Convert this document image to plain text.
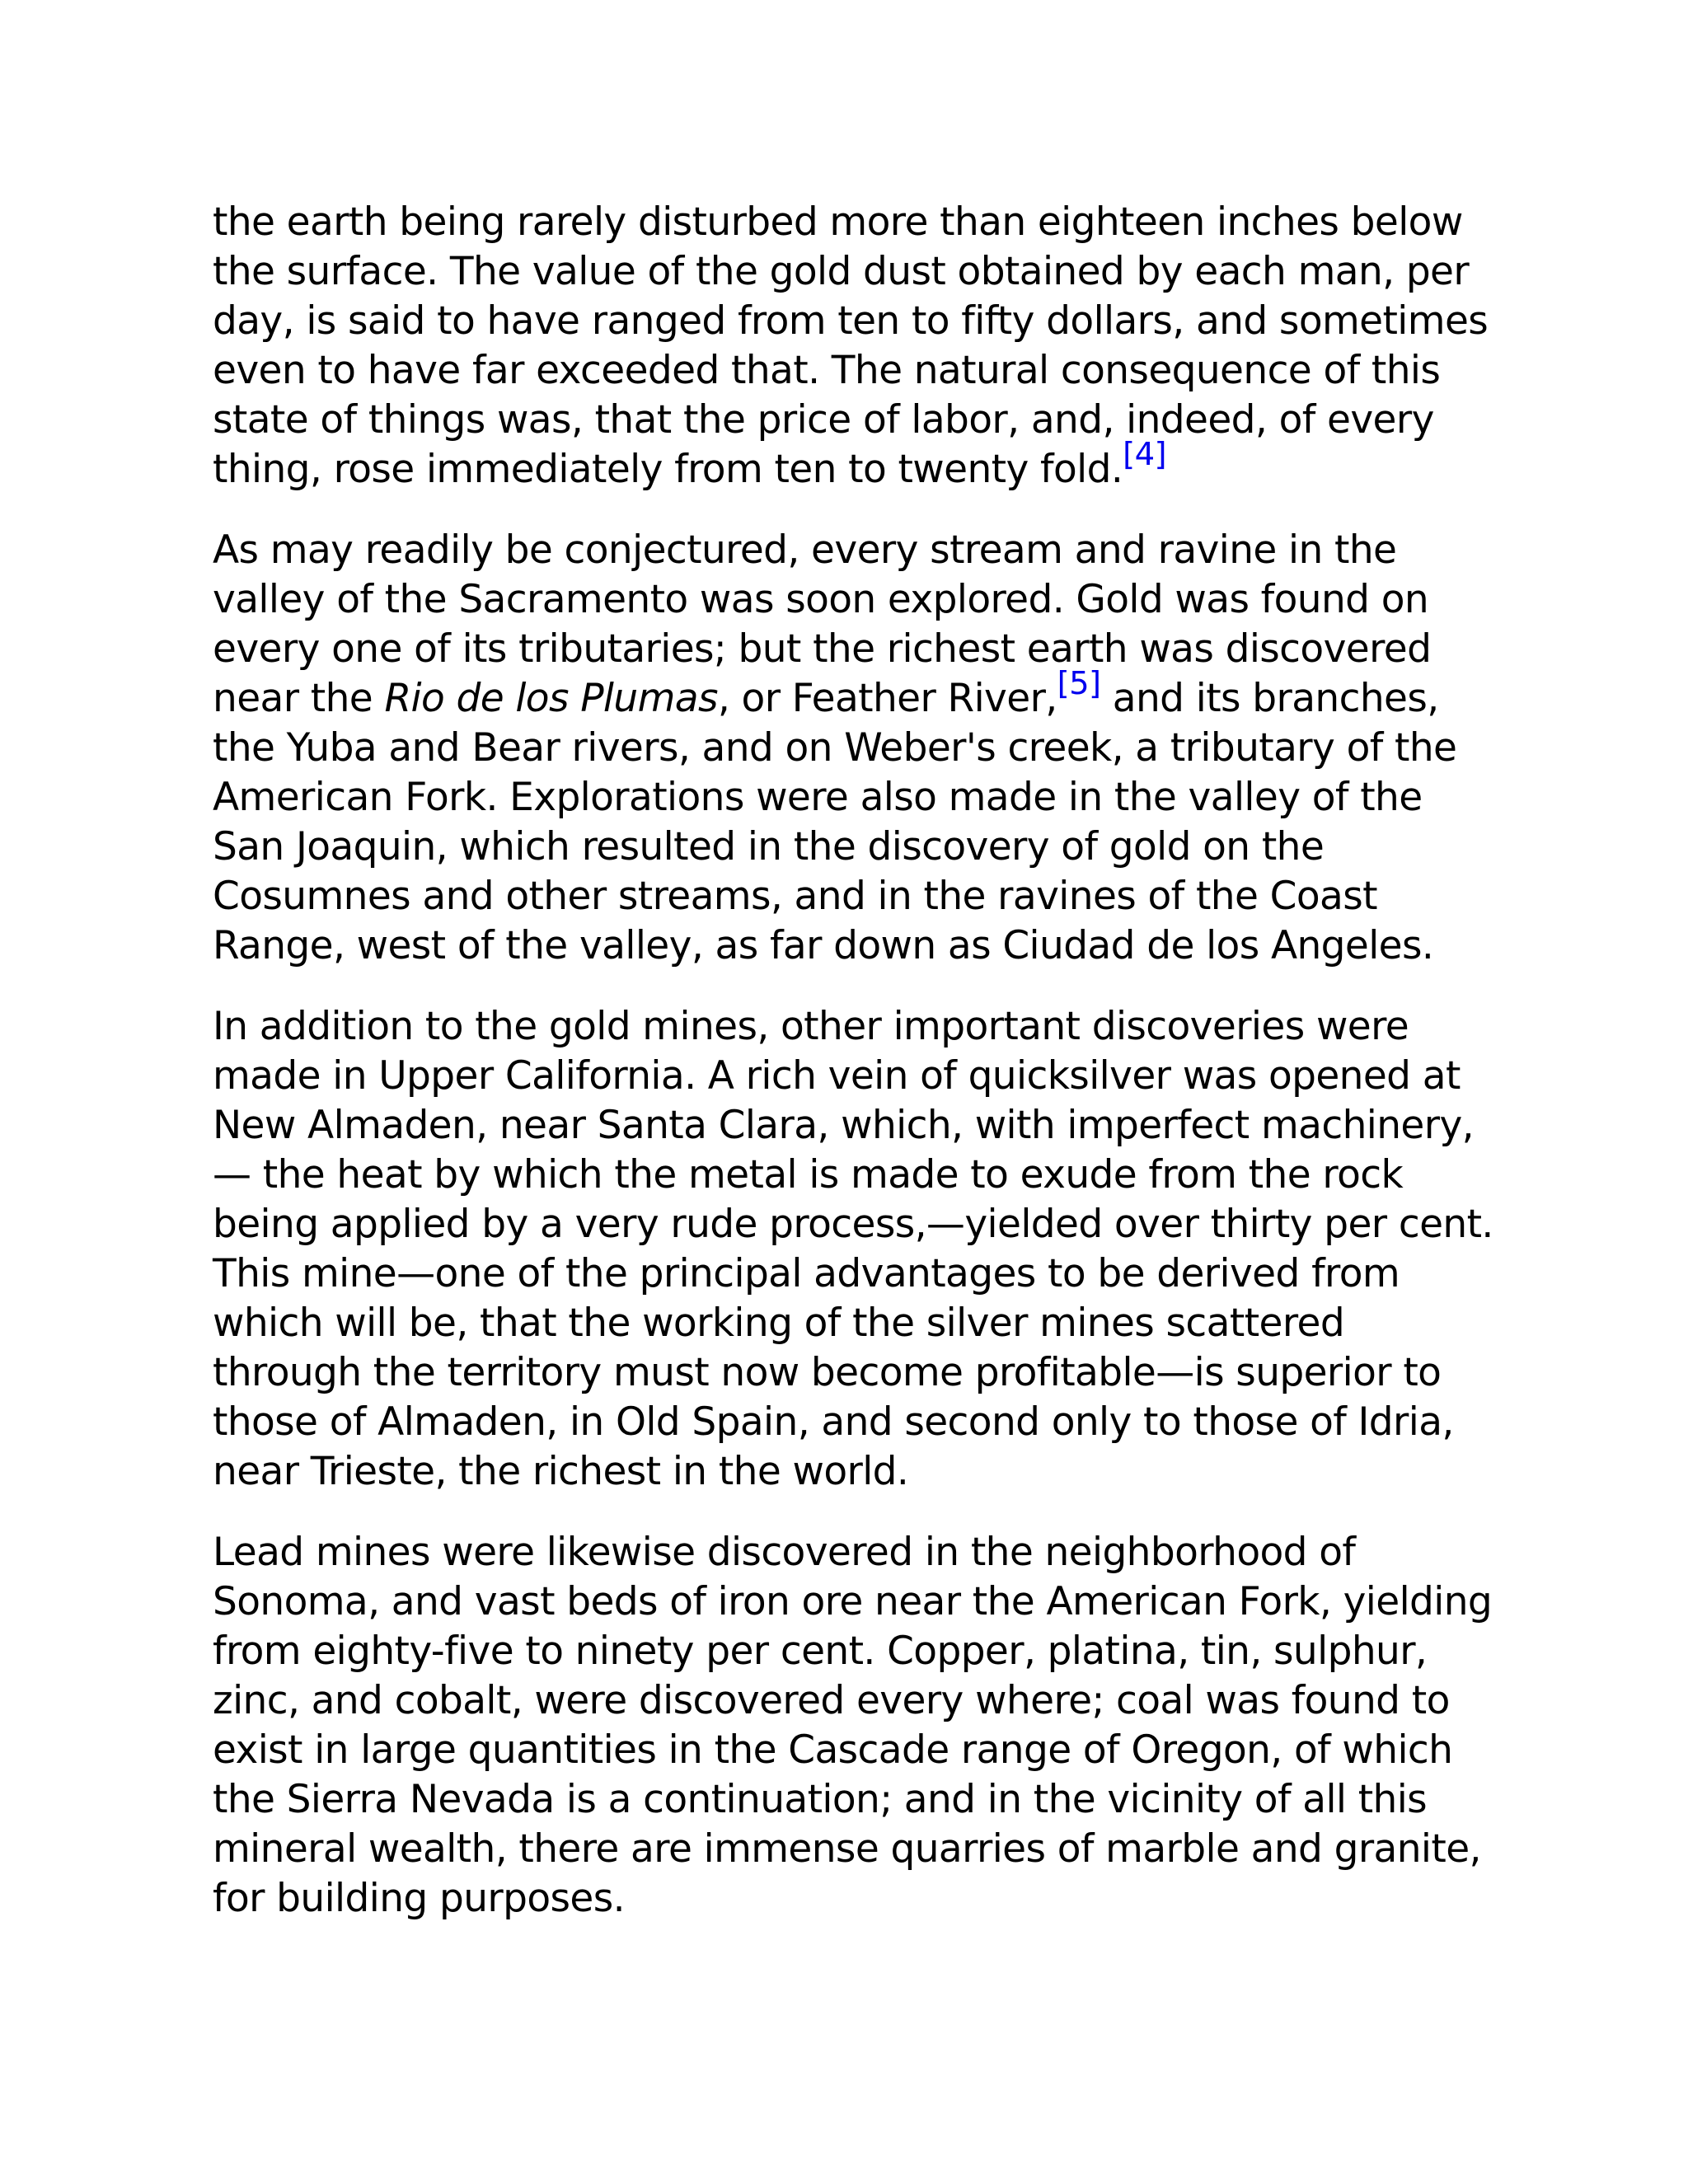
the earth being rarely disturbed more than eighteen inches below the surface. The value of the gold dust obtained by each man, per day, is said to have ranged from ten to fifty dollars, and sometimes even to have far exceeded that. The natural consequence of this state of things was, that the price of labor, and, indeed, of every thing, rose immediately from ten to twenty fold.[4]

As may readily be conjectured, every stream and ravine in the valley of the Sacramento was soon explored. Gold was found on every one of its tributaries; but the richest earth was discovered near the Rio de los Plumas, or Feather River,[5] and its branches, the Yuba and Bear rivers, and on Weber's creek, a tributary of the American Fork. Explorations were also made in the valley of the San Joaquin, which resulted in the discovery of gold on the Cosumnes and other streams, and in the ravines of the Coast Range, west of the valley, as far down as Ciudad de los Angeles.

In addition to the gold mines, other important discoveries were made in Upper California. A rich vein of quicksilver was opened at New Almaden, near Santa Clara, which, with imperfect machinery,— the heat by which the metal is made to exude from the rock being applied by a very rude process,—yielded over thirty per cent. This mine—one of the principal advantages to be derived from which will be, that the working of the silver mines scattered through the territory must now become profitable—is superior to those of Almaden, in Old Spain, and second only to those of Idria, near Trieste, the richest in the world.

Lead mines were likewise discovered in the neighborhood of Sonoma, and vast beds of iron ore near the American Fork, yielding from eighty-five to ninety per cent. Copper, platina, tin, sulphur, zinc, and cobalt, were discovered every where; coal was found to exist in large quantities in the Cascade range of Oregon, of which the Sierra Nevada is a continuation; and in the vicinity of all this mineral wealth, there are immense quarries of marble and granite, for building purposes.
